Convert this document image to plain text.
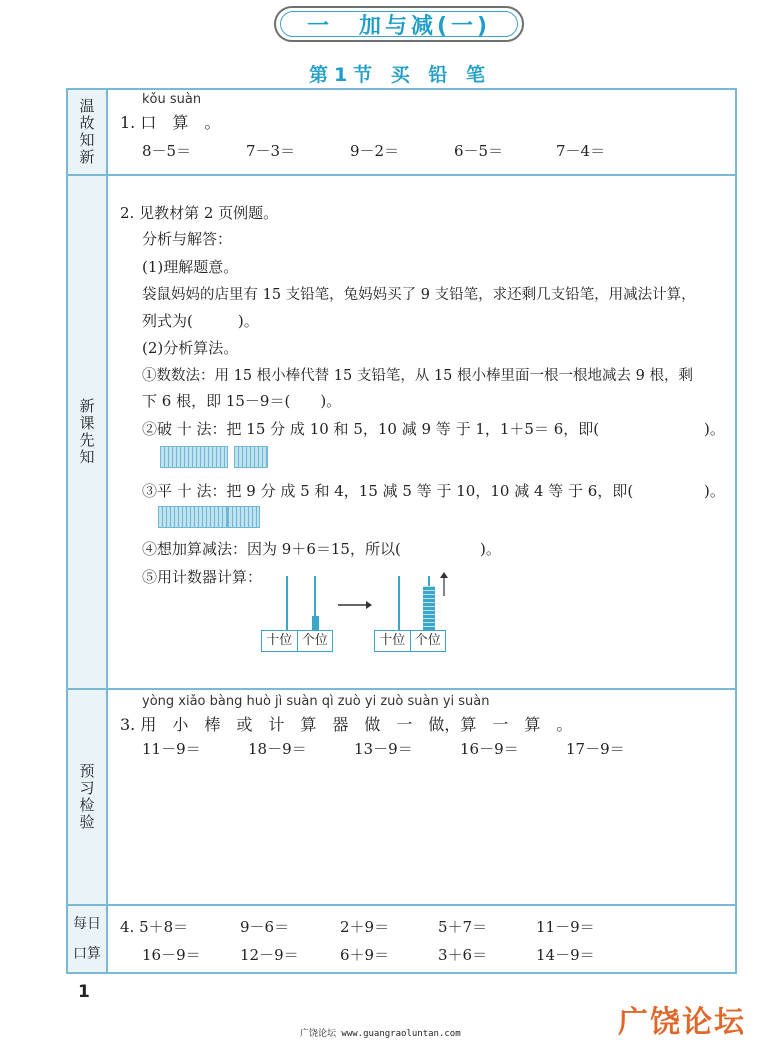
一　加与减(一)
第1节 买 铅 笔
温故知新	kǒu suàn
1. 口　算　。
8－5＝	7－3＝	9－2＝	6－5＝	7－4＝
新课先知
2. 见教材第 2 页例题。
分析与解答：
(1)理解题意。
袋鼠妈妈的店里有 15 支铅笔，兔妈妈买了 9 支铅笔，求还剩几支铅笔，用减法计算，
列式为(　　　)。
(2)分析算法。
①数数法：用 15 根小棒代替 15 支铅笔，从 15 根小棒里面一根一根地减去 9 根，剩
下 6 根，即 15－9＝(　　)。
②破 十 法：把 15 分 成 10 和 5，10 减 9 等 于 1，1＋5＝ 6，即(	)。
③平 十 法：把 9 分 成 5 和 4，15 减 5 等 于 10，10 减 4 等 于 6，即(	)。
④想加算减法：因为 9＋6＝15，所以(	)。
⑤用计数器计算：
十位 个位	十位 个位
预习检验
yòng xiǎo bàng huò jì suàn qì zuò yi zuò suàn yi suàn
3. 用　小　棒　或　计　算　器　做　一　做，算　一　算　。
11－9＝	18－9＝	13－9＝	16－9＝	17－9＝
每日
口算
4. 5＋8＝	9－6＝	2＋9＝	5＋7＝	11－9＝
16－9＝	12－9＝	6＋9＝	3＋6＝	14－9＝
1
广饶论坛
广饶论坛 www.guangraoluntan.com
